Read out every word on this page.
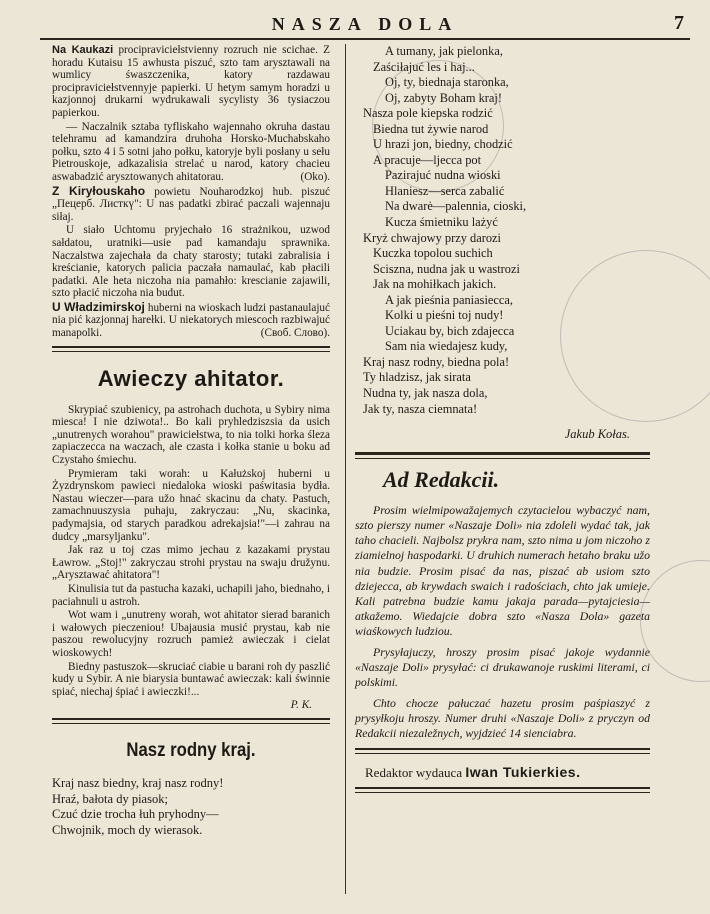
NASZA DOLA	7

Na Kaukazi procipraviciełstvienny rozruch nie scichae. Z horadu Kutaisu 15 awhusta piszuć, szto tam arysztawali na wumlicy śwaszczenika, katory razdawau procipraviciełstvennyje papierki. U hetym samym horadzi u kazjonnoj drukarni wydrukawali sycylisty 36 tysiaczou papierkou.

— Naczalnik sztaba tyfliskaho wajennaho okruha dastau telehramu ad kamandzira druhoha Horsko-Muchabskaho połku, szto 4 i 5 sotni jaho połku, katoryje byli posłany u sełu Pietrouskoje, adkazalisia strelać u narod, katory chacieu aswabadzić arysztowanych ahitatorau.	(Oko).

Z Kiryłouskaho powietu Nouharodzkoj hub. piszuć „Пецерб. Листкү": U nas padatki zbirać paczali wajennaju siłaj.

U siało Uchtomu pryjechało 16 strażnikou, uzwod sałdatou, uratniki—usie pad kamandaju sprawnika. Naczalstwa zajechała da chaty starosty; tutaki zabralisia i kreścianie, katorych palicia paczała namaulać, kab płacili padatki. Ale heta niczoha nia pamahło: krescianie zajawili, szto płacić niczoha nia budut.

U Władzimirskoj huberni na wioskach ludzi pastanaulajuć nia pić kazjonnaj harełki. U niekatorych miescoch razbiwajuć manapolki.	(Своб. Слово).

Awieczy ahitator.

Skrypiać szubienicy, pa astrohach duchota, u Sybiry nima miesca! I nie dziwota!.. Bo kali pryhledziszsia da usich „unutrenych worahou" prawiciełstwa, to nia tolki horka śleza zapiaczecca na waczach, ale czasta i kołka stanie u boku ad Czystaho śmiechu.

Prymieram taki worah: u Kałużskoj huberni u Żyzdrynskom pawieci niedaloka wioski paświtasia bydła. Nastau wieczer—para užo hnać skacinu da chaty. Pastuch, zamachnuuszysia puhaju, zakryczau: „Nu, skacinka, padymajsia, od starych paradkou adrekajsia!"—i zahrau na dudcy „marsyljanku".

Jak raz u toj czas mimo jechau z kazakami prystau Ławrow. „Stoj!" zakryczau strohi prystau na swaju družynu. „Arysztawać ahitatora"!

Kinulisia tut da pastucha kazaki, uchapili jaho, biednaho, i paciahnuli u astroh.

Wot wam i „unutreny worah, wot ahitator sierad baranich i wałowych pieczeniou! Ubajausia musić prystau, kab nie paszou rewolucyjny rozruch pamież awieczak i cielat wioskowych!

Biedny pastuszok—skruciać ciabie u barani roh dy paszlić kudy u Sybir. A nie biarysia buntawać awieczak: kali świnnie spiać, niechaj śpiać i awieczki!...

P. K.

Nasz rodny kraj.
Kraj nasz biedny, kraj nasz rodny!
Hraź, bałota dy piasok;
Czuć dzie trocha łuh pryhodny—
Chwojnik, moch dy wierasok.
A tumany, jak pielonka,
Zaściłajuć les i haj...
Oj, ty, biednaja staronka,
Oj, zabyty Boham kraj!
Nasza pole kiepska rodzić
Biedna tut żywie narod
U hrazi jon, biedny, chodzić
A pracuje—ljecca pot
Pazirajuć nudna wioski
Hlaniesz—serca zabalić
Na dwarė—palennia, cioski,
Kucza śmietniku lażyć
Kryż chwajowy przy darozi
Kuczka topolou suchich
Sciszna, nudna jak u wastrozi
Jak na mohiłkach jakich.
A jak pieśnia paniasiecca,
Kolki u pieśni toj nudy!
Uciakau by, bich zdajecca
Sam nia wiedajesz kudy,
Kraj nasz rodny, biedna pola!
Ty hladzisz, jak sirata
Nudna ty, jak nasza dola,
Jak ty, nasza ciemnata!
Jakub Kołas.
Ad Redakcii.

Prosim wielmipowažajemych czytacielou wybaczyć nam, szto pierszy numer «Naszaje Doli» nia zdoleli wydać tak, jak taho chacieli. Najbolsz prykra nam, szto nima u jom niczoho z ziamielnoj haspodarki. U druhich numerach hetaho braku užo nia budzie. Prosim pisać da nas, piszać ab usiom szto dziejecca, ab krywdach swaich i radościach, chto jak umieje. Kali patrebna budzie kamu jakaja parada—pytajciesia—atkažemo. Wiedajcie dobra szto «Nasza Dola» gazeta wiaśkowych ludziou.

Prysyłajuczy, hroszy prosim pisać jakoje wydannie «Naszaje Doli» prysyłać: ci drukawanoje ruskimi literami, ci polskimi.

Chto chocze pałuczać hazetu prosim paśpiaszyć z prysyłkoju hroszy. Numer druhi «Naszaje Doli» z pryczyn od Redakcii niezaležnych, wyjdzieć 14 sienciabra.

Redaktor wydauca Iwan Tukierkies.
